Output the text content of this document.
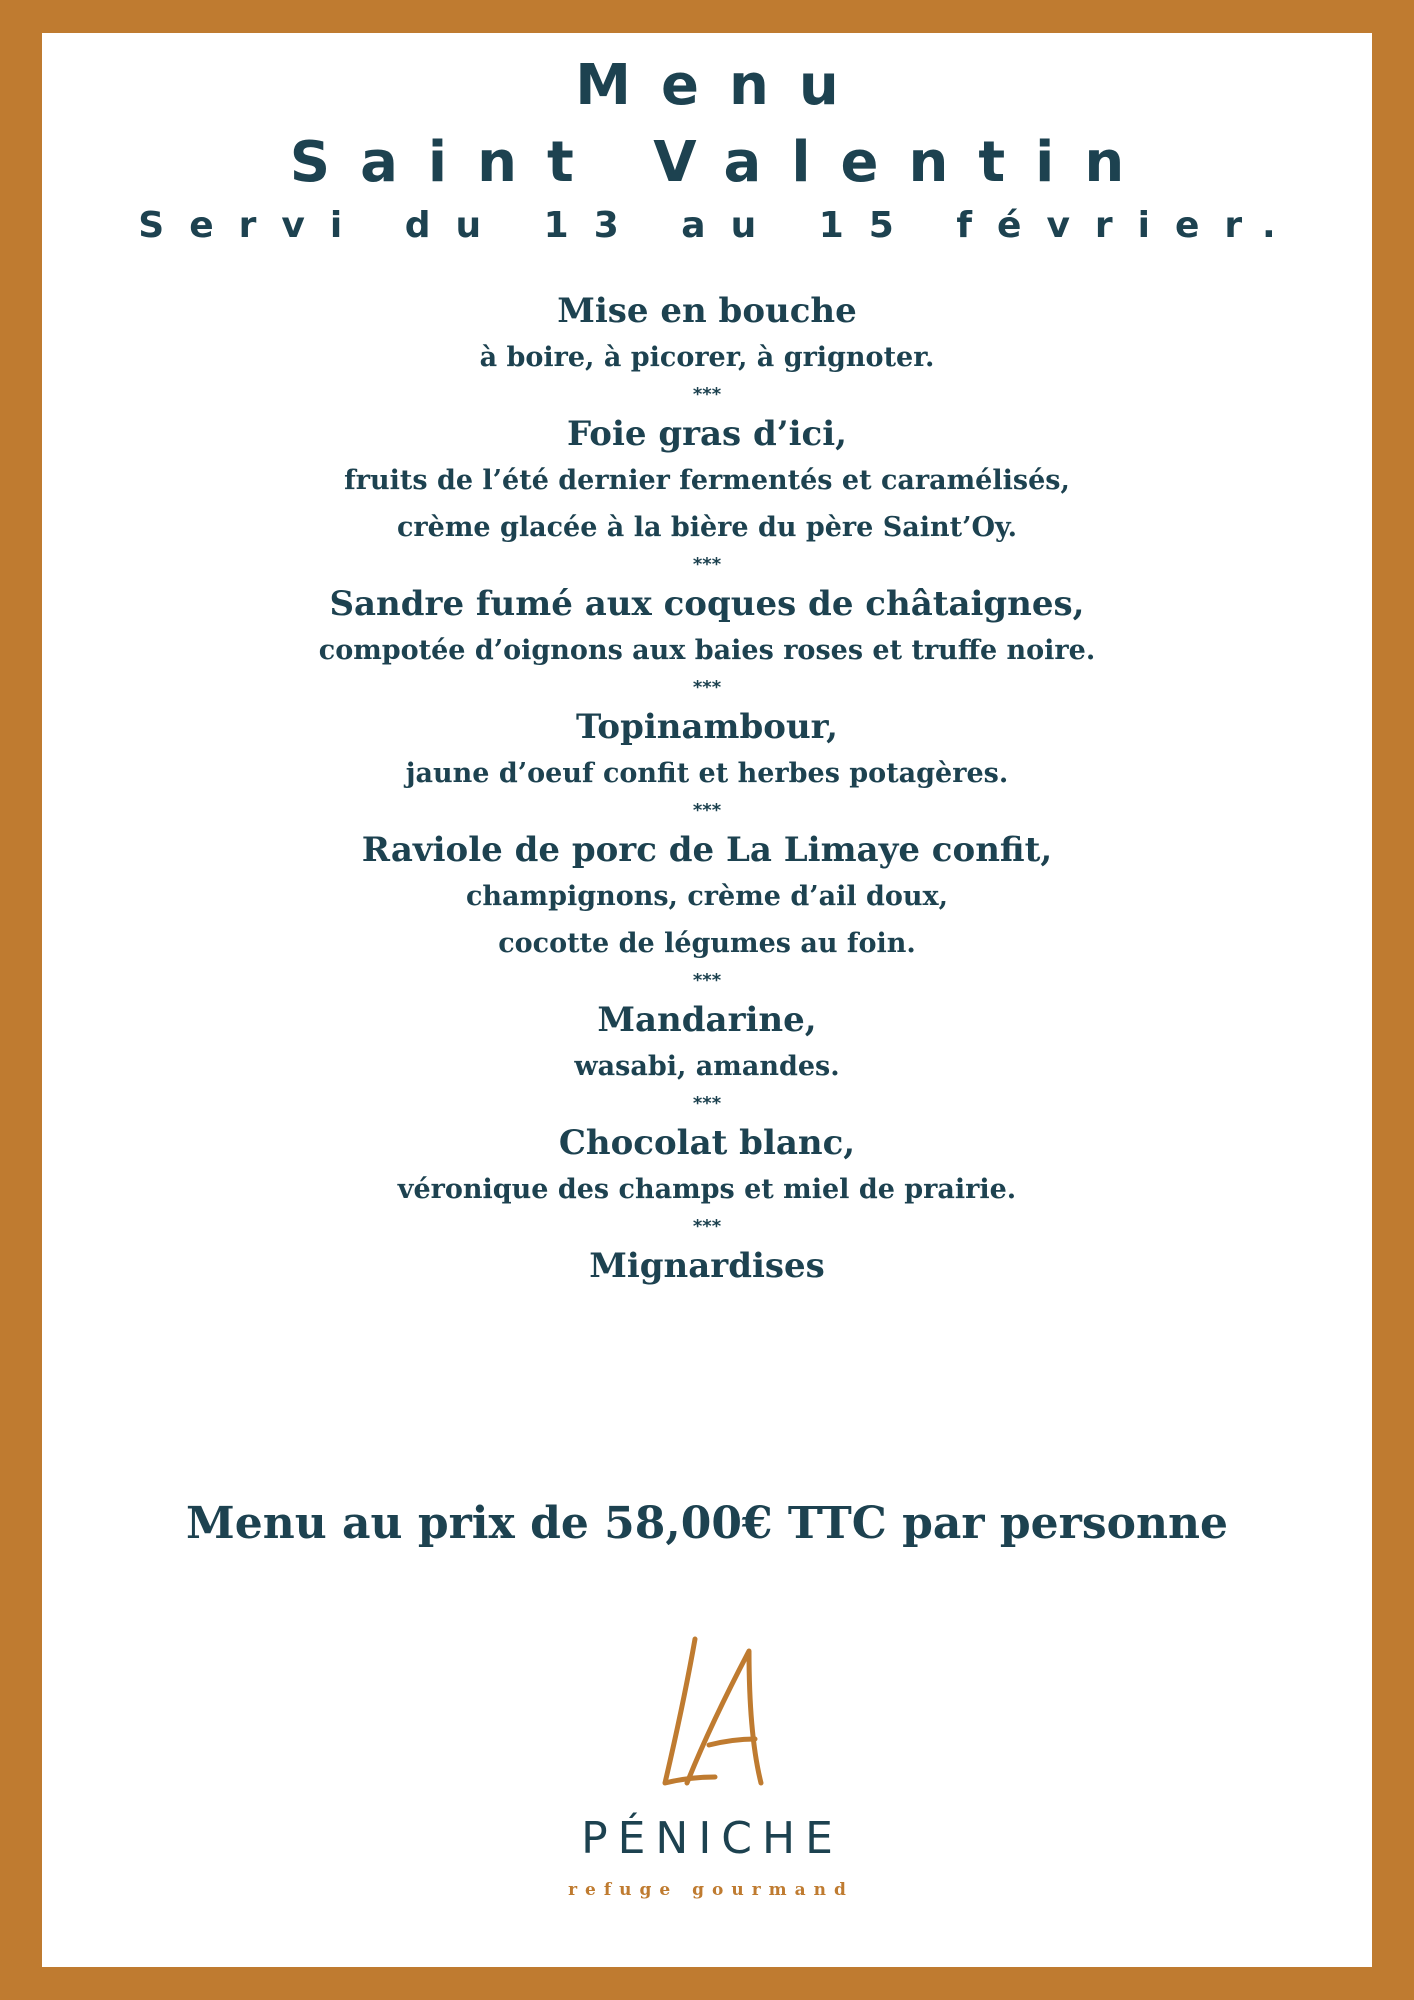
Menu
Saint Valentin
Servi du 13 au 15 février.
Mise en bouche
à boire, à picorer, à grignoter.
***
Foie gras d’ici,
fruits de l’été dernier fermentés et caramélisés,
crème glacée à la bière du père Saint’Oy.
***
Sandre fumé aux coques de châtaignes,
compotée d’oignons aux baies roses et truffe noire.
***
Topinambour,
jaune d’oeuf confit et herbes potagères.
***
Raviole de porc de La Limaye confit,
champignons, crème d’ail doux,
cocotte de légumes au foin.
***
Mandarine,
wasabi, amandes.
***
Chocolat blanc,
véronique des champs et miel de prairie.
***
Mignardises
Menu au prix de 58,00€ TTC par personne
PÉNICHE
refuge gourmand
